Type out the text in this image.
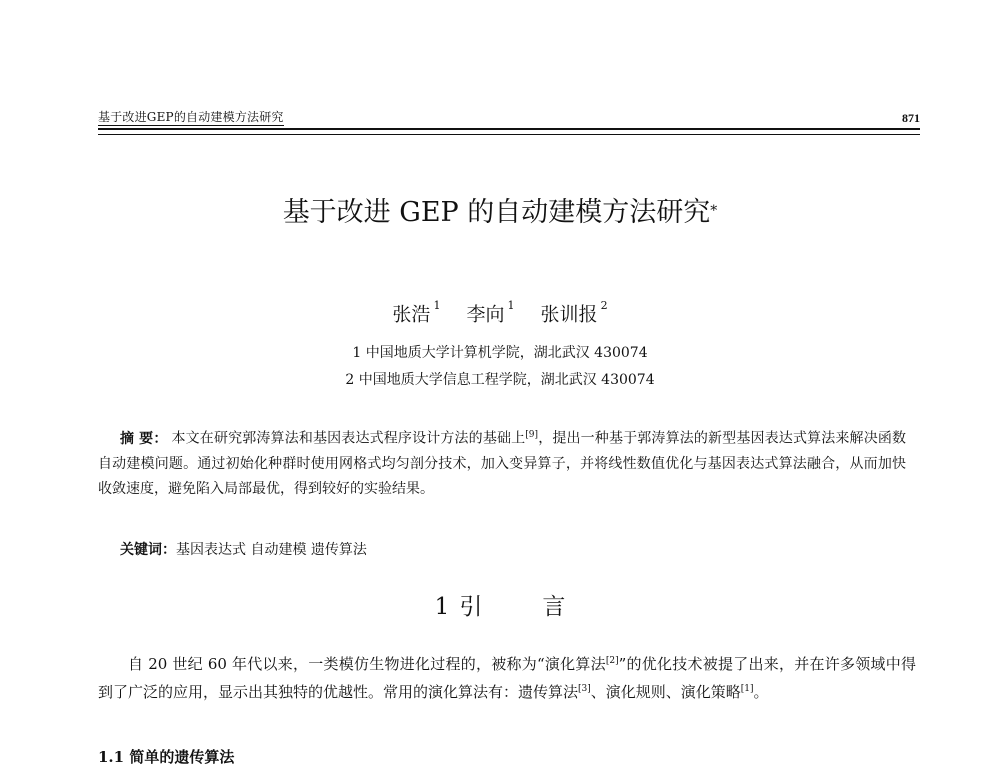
基于改进GEP的自动建模方法研究	871
基于改进 GEP 的自动建模方法研究*
张浩 $^1$ 李向 $^1$ 张训报 $^2$
1 中国地质大学计算机学院，湖北武汉 430074
2 中国地质大学信息工程学院，湖北武汉 430074
摘 要： 本文在研究郭涛算法和基因表达式程序设计方法的基础上[9]，提出一种基于郭涛算法的新型基因表达式算法来解决函数自动建模问题。通过初始化种群时使用网格式均匀剖分技术，加入变异算子，并将线性数值优化与基因表达式算法融合，从而加快收敛速度，避免陷入局部最优，得到较好的实验结果。
关键词：基因表达式 自动建模 遗传算法
1 引	言
自 20 世纪 60 年代以来，一类模仿生物进化过程的，被称为“演化算法[2]”的优化技术被提了出来，并在许多领域中得到了广泛的应用，显示出其独特的优越性。常用的演化算法有：遗传算法[3]、演化规则、演化策略[1]。
1.1 简单的遗传算法
